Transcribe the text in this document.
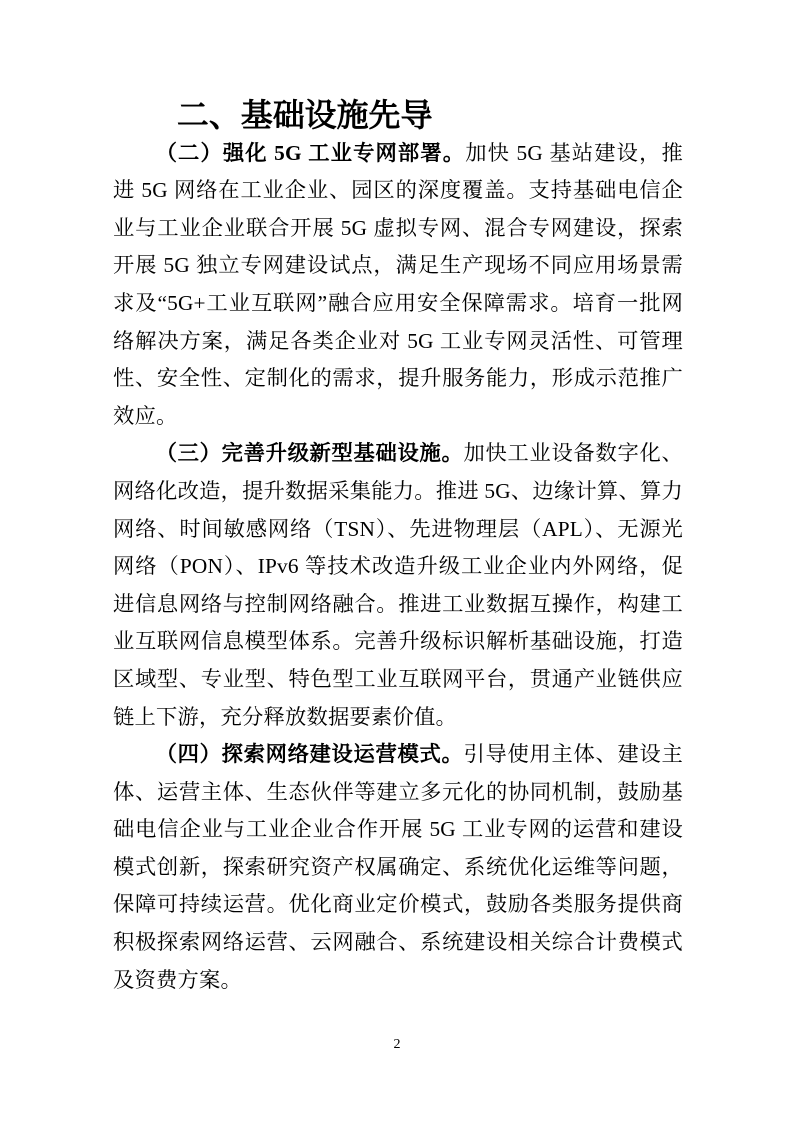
二、基础设施先导

（二）强化 5G 工业专网部署。加快 5G 基站建设，推进 5G 网络在工业企业、园区的深度覆盖。支持基础电信企业与工业企业联合开展 5G 虚拟专网、混合专网建设，探索开展 5G 独立专网建设试点，满足生产现场不同应用场景需求及“5G+工业互联网”融合应用安全保障需求。培育一批网络解决方案，满足各类企业对 5G 工业专网灵活性、可管理性、安全性、定制化的需求，提升服务能力，形成示范推广效应。

（三）完善升级新型基础设施。加快工业设备数字化、网络化改造，提升数据采集能力。推进 5G、边缘计算、算力网络、时间敏感网络（TSN）、先进物理层（APL）、无源光网络（PON）、IPv6 等技术改造升级工业企业内外网络，促进信息网络与控制网络融合。推进工业数据互操作，构建工业互联网信息模型体系。完善升级标识解析基础设施，打造区域型、专业型、特色型工业互联网平台，贯通产业链供应链上下游，充分释放数据要素价值。

（四）探索网络建设运营模式。引导使用主体、建设主体、运营主体、生态伙伴等建立多元化的协同机制，鼓励基础电信企业与工业企业合作开展 5G 工业专网的运营和建设模式创新，探索研究资产权属确定、系统优化运维等问题，保障可持续运营。优化商业定价模式，鼓励各类服务提供商积极探索网络运营、云网融合、系统建设相关综合计费模式及资费方案。

2
